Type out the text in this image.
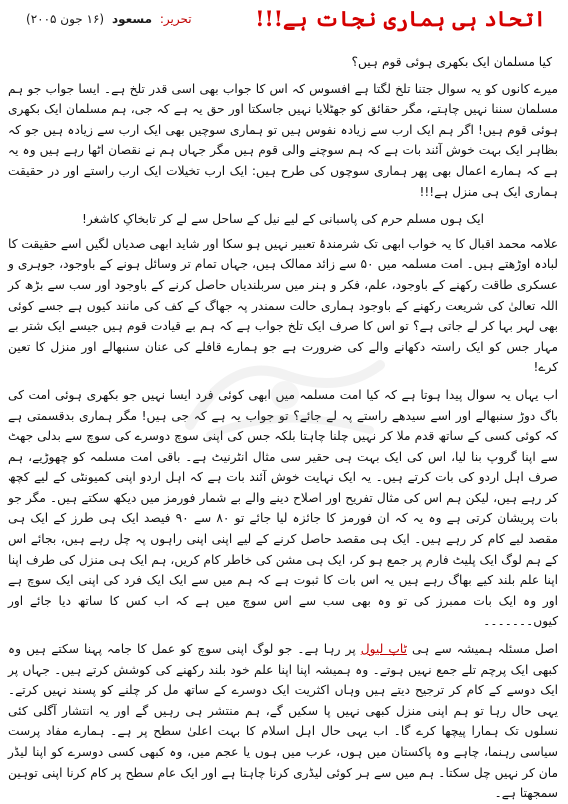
اتحاد ہی ہماری نجات ہے!!!
تحریر: مسعود (۱۶ جون ۲۰۰۵)

کیا مسلمان ایک بکھری ہوئی قوم ہیں؟

میرے کانوں کو یہ سوال جتنا تلخ لگتا ہے افسوس کہ اس کا جواب بھی اسی قدر تلخ ہے۔ ایسا جواب جو ہم مسلمان سننا نہیں چاہتے، مگر حقائق کو جھٹلایا نہیں جاسکتا اور حق یہ ہے کہ جی، ہم مسلمان ایک بکھری ہوئی قوم ہیں! اگر ہم ایک ارب سے زیادہ نفوس ہیں تو ہماری سوچیں بھی ایک ارب سے زیادہ ہیں جو کہ بظاہر ایک بہت خوش آئند بات ہے کہ ہم سوچنے والی قوم ہیں مگر جہاں ہم نے نقصان اٹھا رہے ہیں وہ یہ ہے کہ ہمارے اعمال بھی پھر ہماری سوچوں کی طرح ہیں: ایک ارب تخیلات ایک ارب راستے اور در حقیقت ہماری ایک ہی منزل ہے!!!

ایک ہوں مسلم حرم کی پاسبانی کے لیے نیل کے ساحل سے لے کر تابخاکِ کاشغر!

علامہ محمد اقبال کا یہ خواب ابھی تک شرمندۂ تعبیر نہیں ہو سکا اور شاید ابھی صدیاں لگیں اسے حقیقت کا لبادہ اوڑھتے ہیں۔ امت مسلمہ میں ۵۰ سے زائد ممالک ہیں، جہاں تمام تر وسائل ہونے کے باوجود، جوہری و عسکری طاقت رکھنے کے باوجود، علم، فکر و ہنر میں سربلندیاں حاصل کرنے کے باوجود اور سب سے بڑھ کر اللہ تعالیٰ کی شریعت رکھنے کے باوجود ہماری حالت سمندر پہ جھاگ کے کف کی مانند کیوں ہے جسے کوئی بھی لہر بہا کر لے جاتی ہے؟ تو اس کا صرف ایک تلخ جواب ہے کہ ہم بے قیادت قوم ہیں جیسے ایک شتر بے مہار جس کو ایک راستہ دکھانے والے کی ضرورت ہے جو ہمارے قافلے کی عنان سنبھالے اور منزل کا تعین کرے!

اب یہاں یہ سوال پیدا ہوتا ہے کہ کیا امت مسلمہ میں ابھی کوئی فرد ایسا نہیں جو بکھری ہوئی امت کی باگ دوڑ سنبھالے اور اسے سیدھے راستے پہ لے جائے؟ تو جواب یہ ہے کہ جی ہیں! مگر ہماری بدقسمتی ہے کہ کوئی کسی کے ساتھ قدم ملا کر نہیں چلنا چاہتا بلکہ جس کی اپنی سوچ دوسرے کی سوچ سے بدلی جھٹ سے اپنا گروپ بنا لیا، اس کی ایک بہت ہی حقیر سی مثال انٹرنیٹ ہے۔ باقی امت مسلمہ کو چھوڑیے، ہم صرف اہل اردو کی بات کرتے ہیں۔ یہ ایک نہایت خوش آئند بات ہے کہ اہل اردو اپنی کمیونٹی کے لیے کچھ کر رہے ہیں، لیکن ہم اس کی مثال تفریح اور اصلاح دینے والے بے شمار فورمز میں دیکھ سکتے ہیں۔ مگر جو بات پریشان کرتی ہے وہ یہ کہ ان فورمز کا جائزہ لیا جائے تو ۸۰ سے ۹۰ فیصد ایک ہی طرز کے ایک ہی مقصد لیے کام کر رہے ہیں۔ ایک ہی مقصد حاصل کرنے کے لیے اپنی اپنی راہوں پہ چل رہے ہیں، بجائے اس کے ہم لوگ ایک پلیٹ فارم پر جمع ہو کر، ایک ہی مشن کی خاطر کام کریں، ہم ایک ہی منزل کی طرف اپنا اپنا علم بلند کیے بھاگ رہے ہیں یہ اس بات کا ثبوت ہے کہ ہم میں سے ایک ایک فرد کی اپنی ایک سوچ ہے اور وہ ایک بات ممبرز کی تو وہ بھی سب سے اس سوچ میں ہے کہ اب کس کا ساتھ دیا جائے اور کیوں۔۔۔۔۔۔۔

اصل مسئلہ ہمیشہ سے ہی ٹاپ لیول پر رہا ہے۔ جو لوگ اپنی سوچ کو عمل کا جامہ پہنا سکتے ہیں وہ کبھی ایک پرچم تلے جمع نہیں ہوتے۔ وہ ہمیشہ اپنا اپنا علم خود بلند رکھنے کی کوشش کرتے ہیں۔ جہاں پر ایک دوسے کے کام کر ترجیح دیتے ہیں وہاں اکثریت ایک دوسرے کے ساتھ مل کر چلنے کو پسند نہیں کرتے۔ یہی حال رہا تو ہم اپنی منزل کبھی نہیں پا سکیں گے، ہم منتشر ہی رہیں گے اور یہ انتشار آگلی کئی نسلوں تک ہمارا پیچھا کرے گا۔ اب یہی حال اہل اسلام کا بہت اعلیٰ سطح پر ہے۔ ہمارے مفاد پرست سیاسی رہنما، چاہے وہ پاکستان میں ہوں، عرب میں ہوں یا عجم میں، وہ کبھی کسی دوسرے کو اپنا لیڈر مان کر نہیں چل سکتا۔ ہم میں سے ہر کوئی لیڈری کرنا چاہتا ہے اور ایک عام سطح پر کام کرنا اپنی توہین سمجھتا ہے۔
